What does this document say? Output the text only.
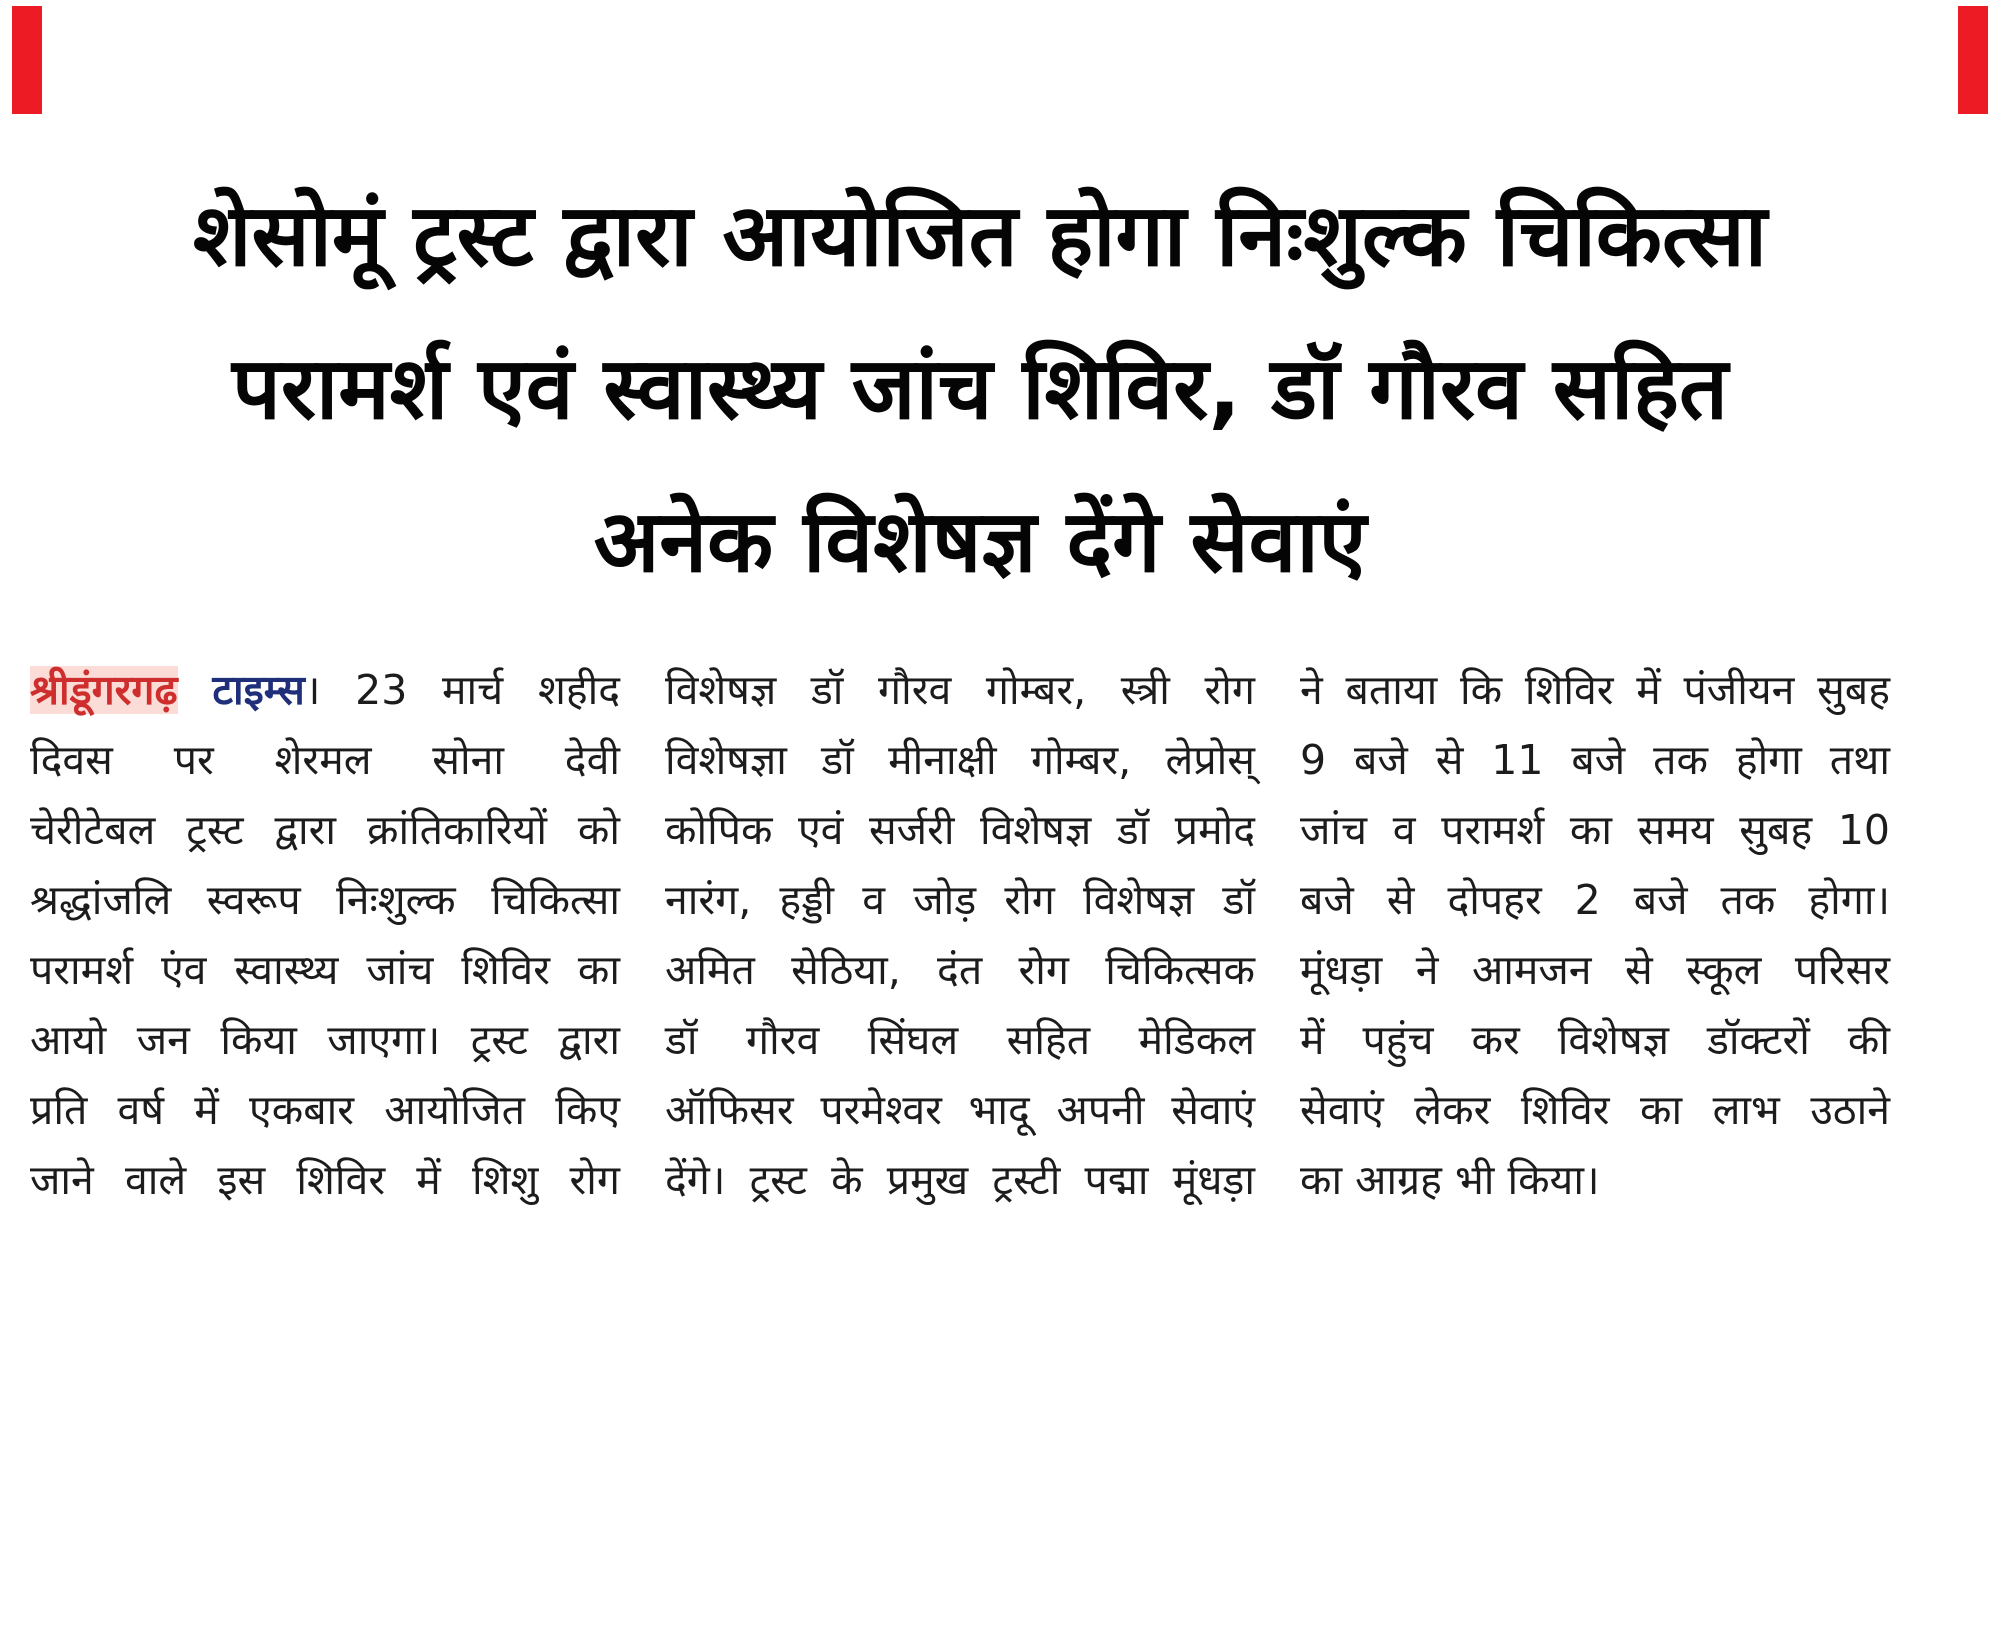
शेसोमूं ट्रस्ट द्वारा आयोजित होगा निःशुल्क चिकित्सा
परामर्श एवं स्वास्थ्य जांच शिविर, डॉ गौरव सहित
अनेक विशेषज्ञ देंगे सेवाएं
श्रीडूंगरगढ़ टाइम्स। 23 मार्च शहीद
दिवस पर शेरमल सोना देवी
चेरीटेबल ट्रस्ट द्वारा क्रांतिकारियों को
श्रद्धांजलि स्वरूप निःशुल्क चिकित्सा
परामर्श एंव स्वास्थ्य जांच शिविर का
आयो जन किया जाएगा। ट्रस्ट द्वारा
प्रति वर्ष में एकबार आयोजित किए
जाने वाले इस शिविर में शिशु रोग
विशेषज्ञ डॉ गौरव गोम्बर, स्त्री रोग
विशेषज्ञा डॉ मीनाक्षी गोम्बर, लेप्रोस्
कोपिक एवं सर्जरी विशेषज्ञ डॉ प्रमोद
नारंग, हड्डी व जोड़ रोग विशेषज्ञ डॉ
अमित सेठिया, दंत रोग चिकित्सक
डॉ गौरव सिंघल सहित मेडिकल
ऑफिसर परमेश्वर भादू अपनी सेवाएं
देंगे। ट्रस्ट के प्रमुख ट्रस्टी पद्मा मूंधड़ा
ने बताया कि शिविर में पंजीयन सुबह
9 बजे से 11 बजे तक होगा तथा
जांच व परामर्श का समय सुबह 10
बजे से दोपहर 2 बजे तक होगा।
मूंधड़ा ने आमजन से स्कूल परिसर
में पहुंच कर विशेषज्ञ डॉक्टरों की
सेवाएं लेकर शिविर का लाभ उठाने
का आग्रह भी किया।
